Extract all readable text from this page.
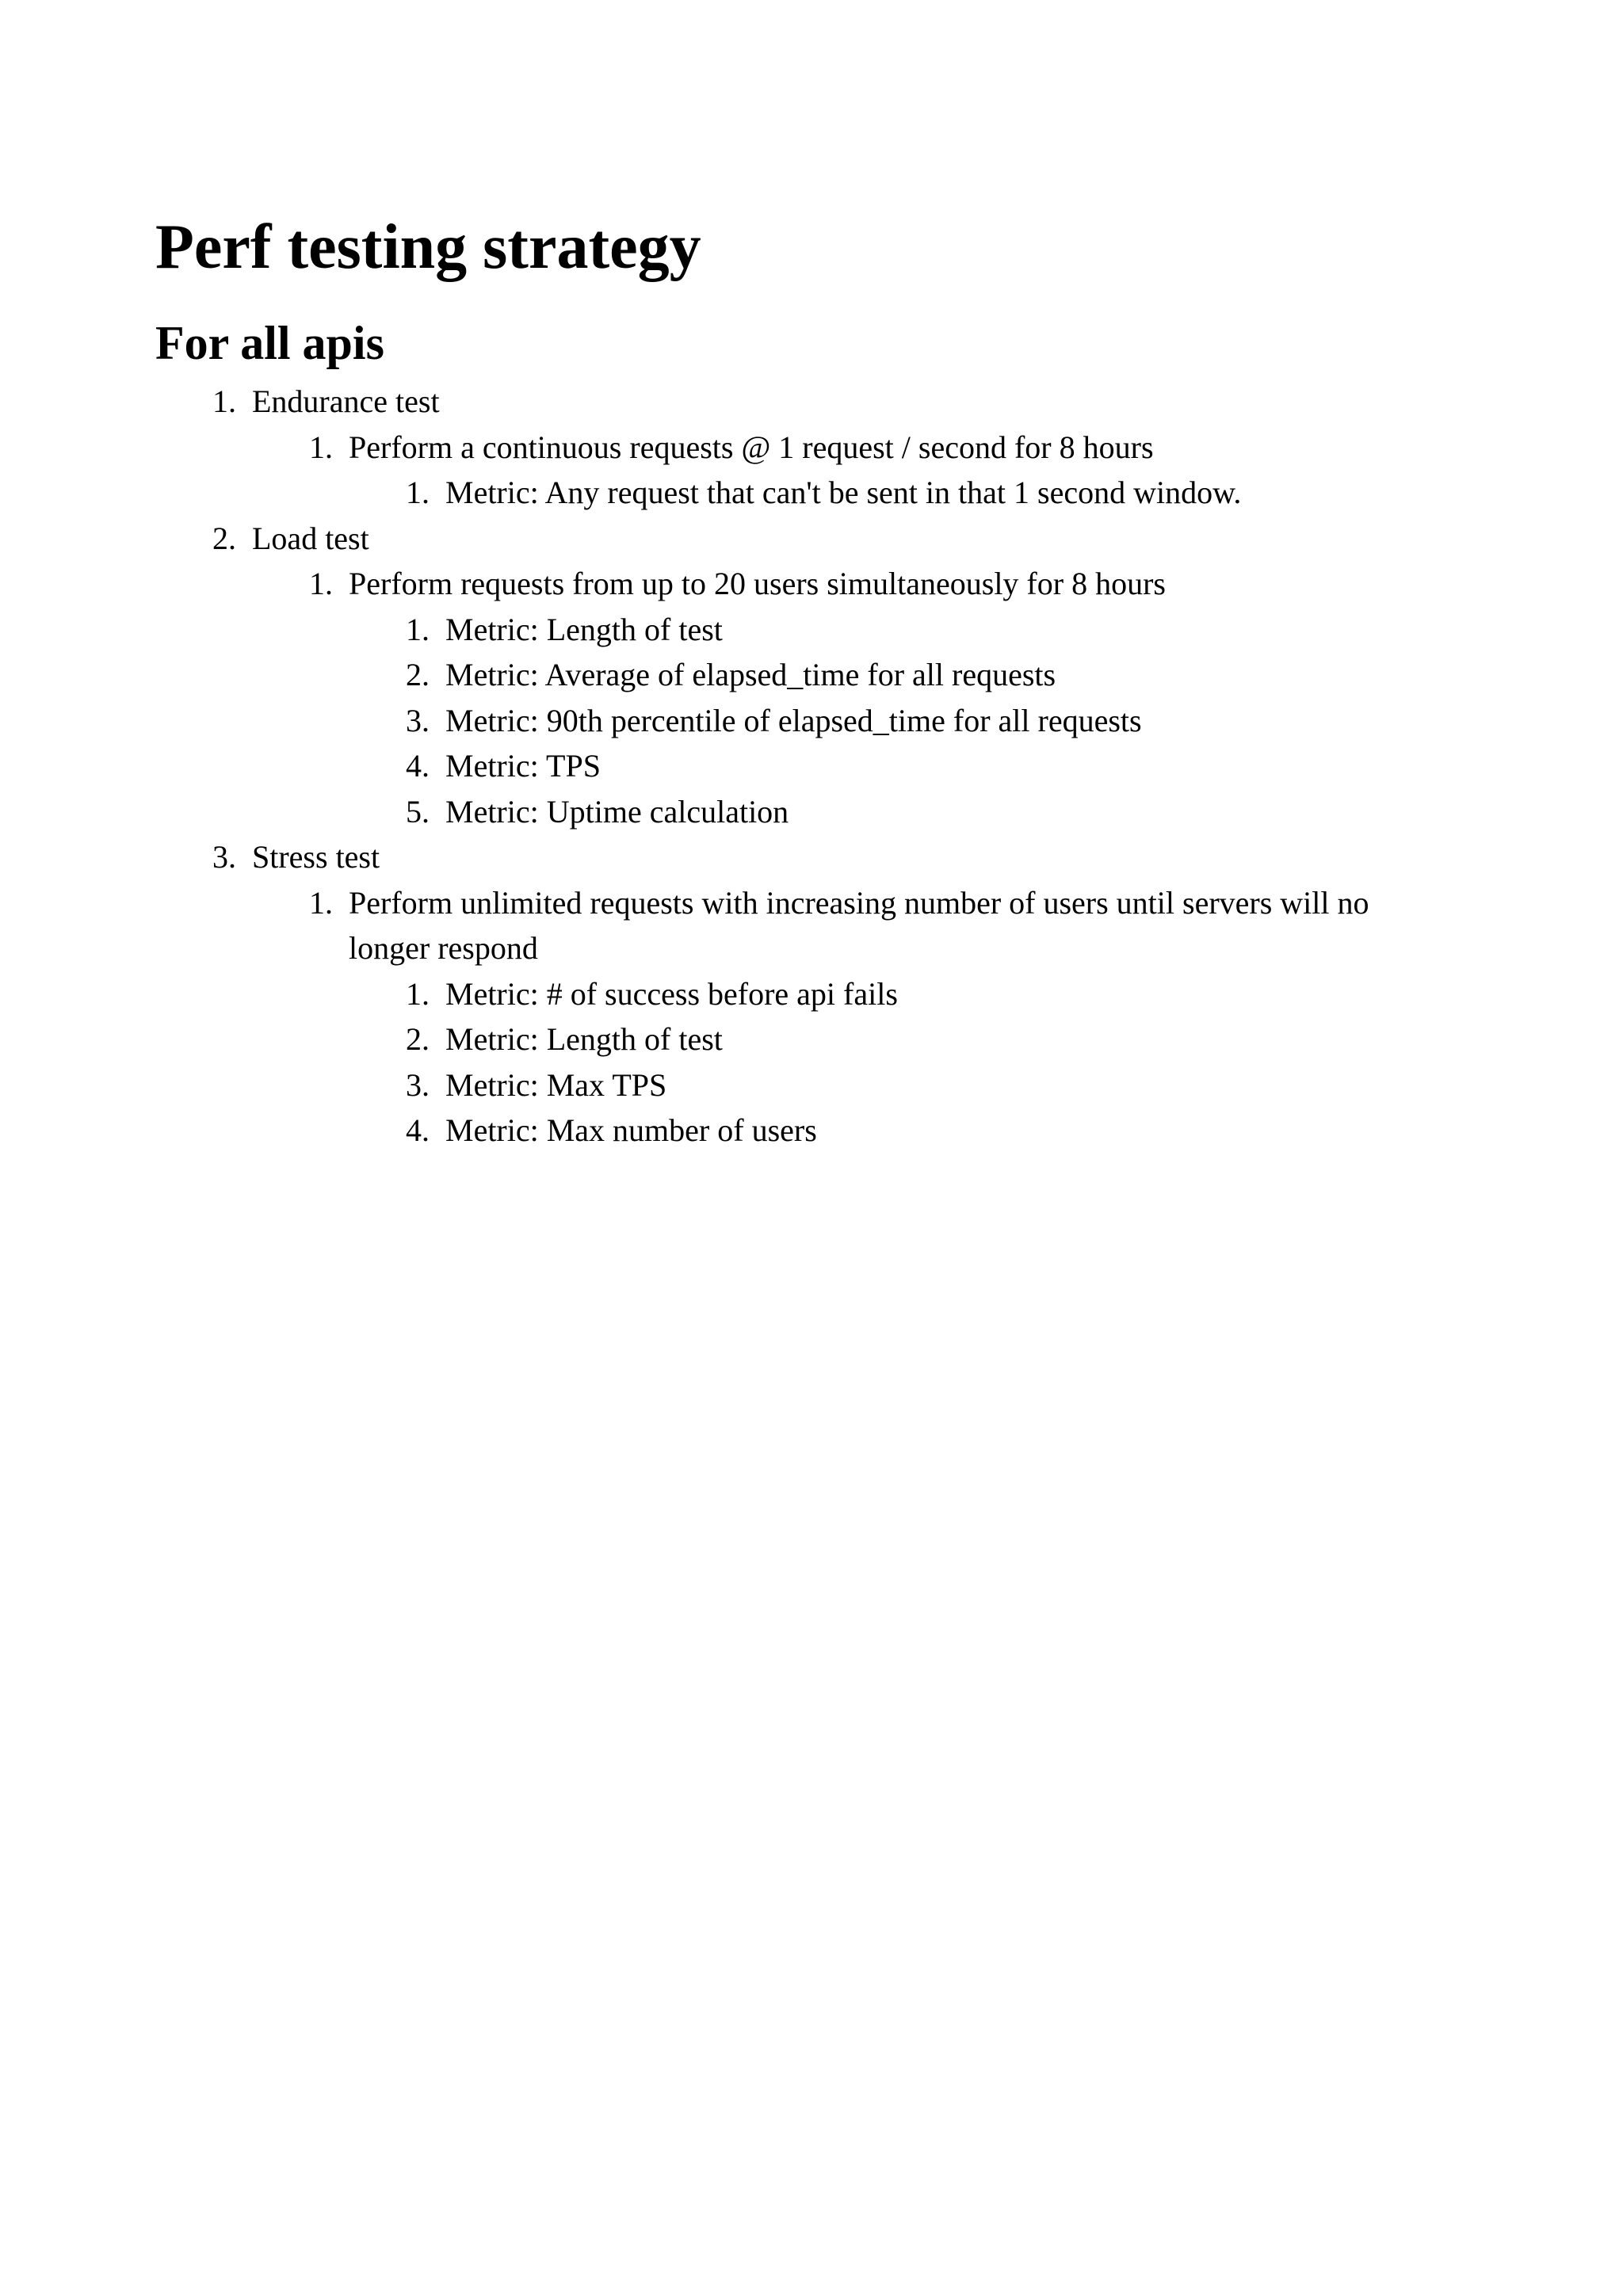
Perf testing strategy
For all apis
1. Endurance test
1. Perform a continuous requests @ 1 request / second for 8 hours
1. Metric: Any request that can't be sent in that 1 second window.
2. Load test
1. Perform requests from up to 20 users simultaneously for 8 hours
1. Metric: Length of test
2. Metric: Average of elapsed_time for all requests
3. Metric: 90th percentile of elapsed_time for all requests
4. Metric: TPS
5. Metric: Uptime calculation
3. Stress test
1. Perform unlimited requests with increasing number of users until servers will no longer respond
1. Metric: # of success before api fails
2. Metric: Length of test
3. Metric: Max TPS
4. Metric: Max number of users
